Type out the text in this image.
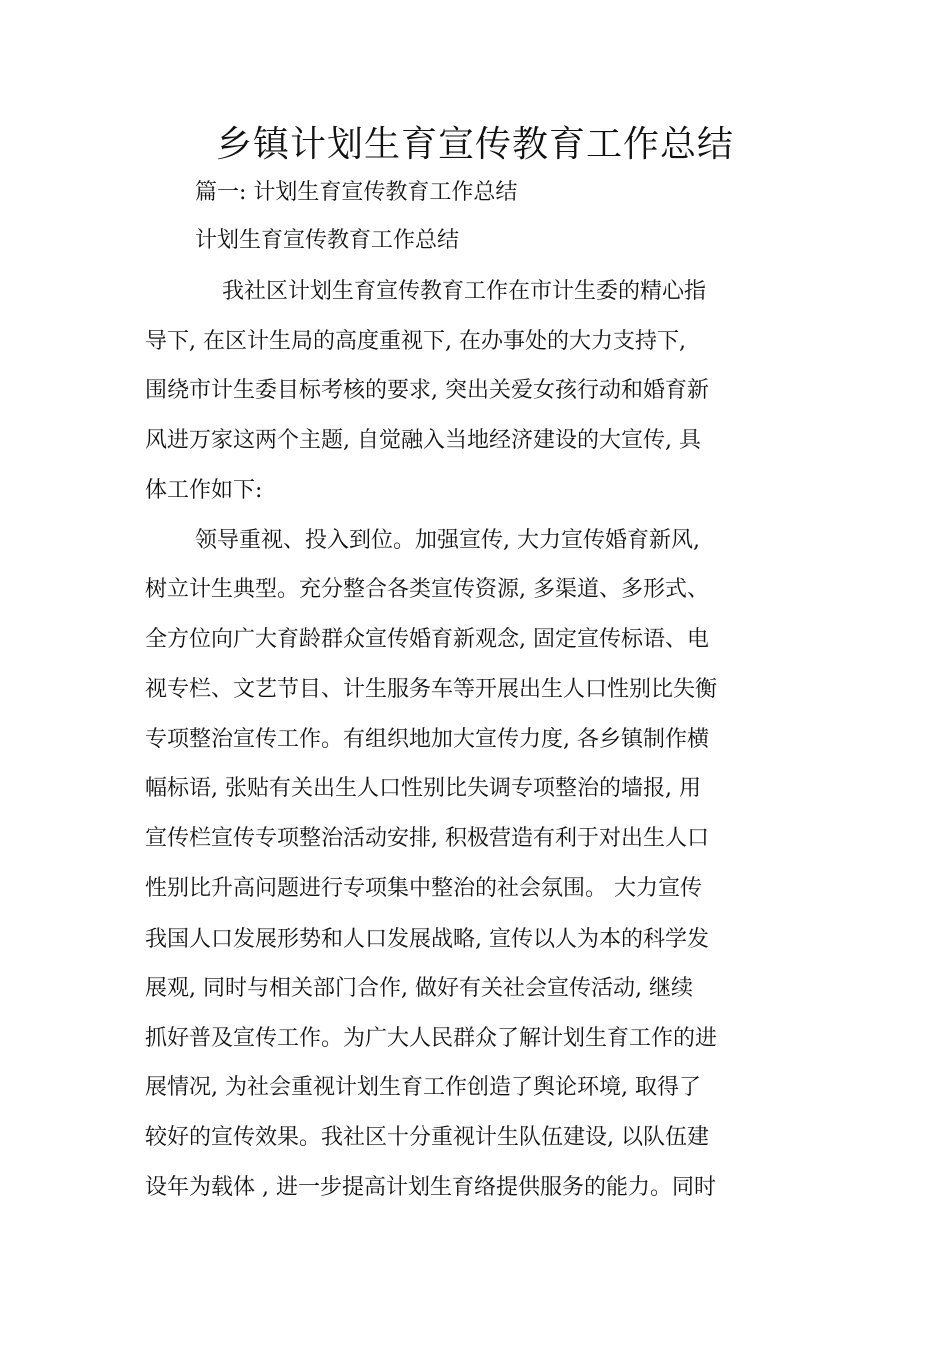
乡镇计划生育宣传教育工作总结

篇一: 计划生育宣传教育工作总结

计划生育宣传教育工作总结

我社区计划生育宣传教育工作在市计生委的精心指

导下, 在区计生局的高度重视下, 在办事处的大力支持下,

围绕市计生委目标考核的要求, 突出关爱女孩行动和婚育新

风进万家这两个主题, 自觉融入当地经济建设的大宣传, 具

体工作如下:

领导重视、投入到位。加强宣传, 大力宣传婚育新风,

树立计生典型。充分整合各类宣传资源, 多渠道、多形式、

全方位向广大育龄群众宣传婚育新观念, 固定宣传标语、电

视专栏、文艺节目、计生服务车等开展出生人口性别比失衡

专项整治宣传工作。有组织地加大宣传力度, 各乡镇制作横

幅标语, 张贴有关出生人口性别比失调专项整治的墙报, 用

宣传栏宣传专项整治活动安排, 积极营造有利于对出生人口

性别比升高问题进行专项集中整治的社会氛围。 大力宣传

我国人口发展形势和人口发展战略, 宣传以人为本的科学发

展观, 同时与相关部门合作, 做好有关社会宣传活动, 继续

抓好普及宣传工作。为广大人民群众了解计划生育工作的进

展情况, 为社会重视计划生育工作创造了舆论环境, 取得了

较好的宣传效果。我社区十分重视计生队伍建设, 以队伍建

设年为载体 , 进一步提高计划生育络提供服务的能力。同时
